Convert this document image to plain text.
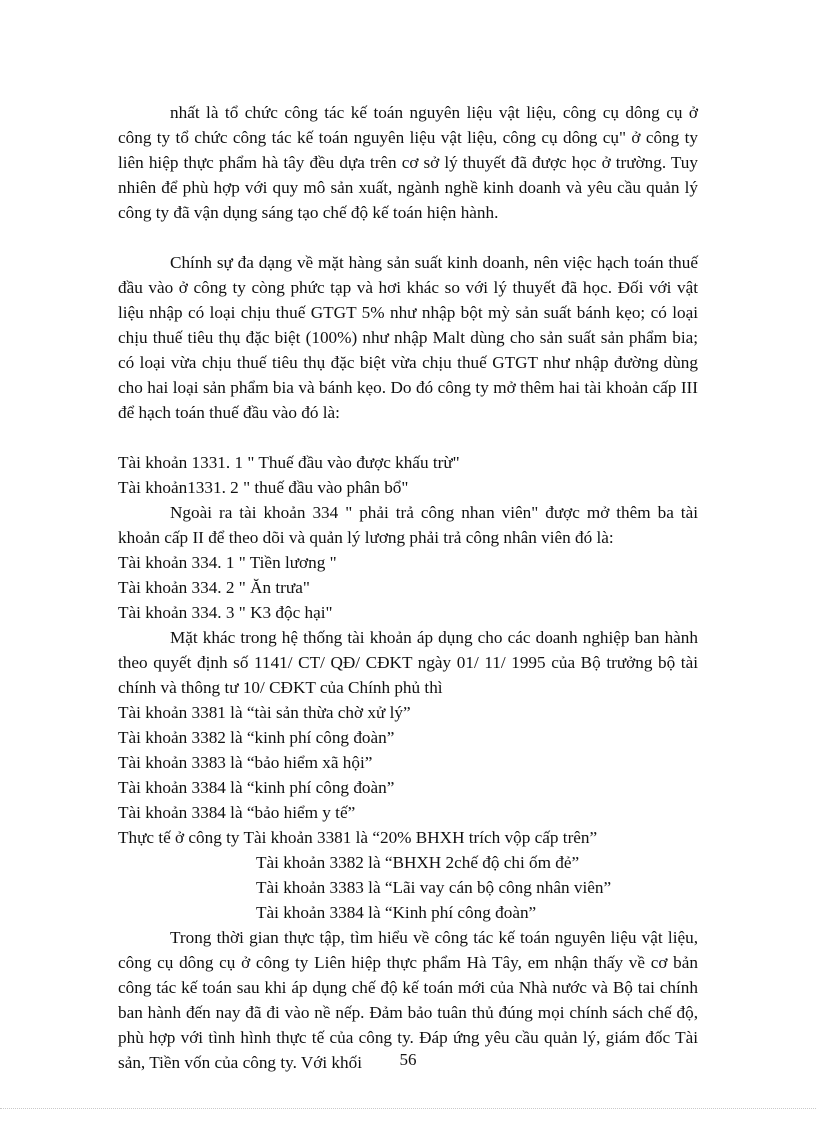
nhất là tổ chức công tác kế toán nguyên liệu vật liệu, công cụ dông cụ ở công ty tổ chức công tác kế toán nguyên liệu vật liệu, công cụ dông cụ" ở công ty liên hiệp thực phẩm hà tây đều dựa trên cơ sở lý thuyết đã được học ở trường. Tuy nhiên để phù hợp với quy mô sản xuất, ngành nghề kinh doanh và yêu cầu quản lý công ty đã vận dụng sáng tạo chế độ kế toán hiện hành.
Chính sự đa dạng về mặt hàng sản suất kinh doanh, nên việc hạch toán thuế đầu vào ở công ty còng phức tạp và hơi khác so với lý thuyết đã học. Đối với vật liệu nhập có loại chịu thuế GTGT 5% như nhập bột mỳ sản suất bánh kẹo; có loại chịu thuế tiêu thụ đặc biệt (100%) như nhập Malt dùng cho sản suất sản phẩm bia; có loại vừa chịu thuế tiêu thụ đặc biệt vừa chịu thuế GTGT như nhập đường dùng cho hai loại sản phẩm bia và bánh kẹo. Do đó công ty mở thêm hai tài khoản cấp III để hạch toán thuế đầu vào đó là:
Tài khoản 1331. 1 " Thuế đầu vào được khấu trừ"
Tài khoản1331. 2 " thuế đầu vào phân bổ"
Ngoài ra tài khoản 334 " phải trả công nhan viên" được mở thêm ba tài khoản cấp II để theo dõi và quản lý lương phải trả công nhân viên đó là:
Tài khoản 334. 1 " Tiền lương "
Tài khoản 334. 2 " Ăn trưa"
Tài khoản 334. 3 " K3 độc hại"
Mặt khác trong hệ thống tài khoản áp dụng cho các doanh nghiệp ban hành theo quyết định số 1141/ CT/ QĐ/ CĐKT ngày 01/ 11/ 1995 của Bộ trưởng bộ tài chính và thông tư 10/ CĐKT của Chính phủ thì
Tài khoản 3381 là “tài sản thừa chờ xử lý”
Tài khoản 3382 là “kinh phí công đoàn”
Tài khoản 3383 là “bảo hiểm xã hội”
Tài khoản 3384 là “kinh phí công đoàn”
Tài khoản 3384 là “bảo hiểm y tế”
Thực tế ở công ty Tài khoản 3381 là “20% BHXH trích vộp cấp trên”
Tài khoản 3382 là “BHXH 2chế độ chi ốm đẻ”
Tài khoản 3383 là “Lãi vay cán bộ công nhân viên”
Tài khoản 3384 là “Kinh phí công đoàn”
Trong thời gian thực tập, tìm hiểu về công tác kế toán nguyên liệu vật liệu, công cụ dông cụ ở công ty Liên hiệp thực phẩm Hà Tây, em nhận thấy về cơ bản công tác kế toán sau khi áp dụng chế độ kế toán mới của Nhà nước và Bộ tai chính ban hành đến nay đã đi vào nề nếp. Đảm bảo tuân thủ đúng mọi chính sách chế độ, phù hợp với tình hình thực tế của công ty. Đáp ứng yêu cầu quản lý, giám đốc Tài sản, Tiền vốn của công ty. Với khối	56
